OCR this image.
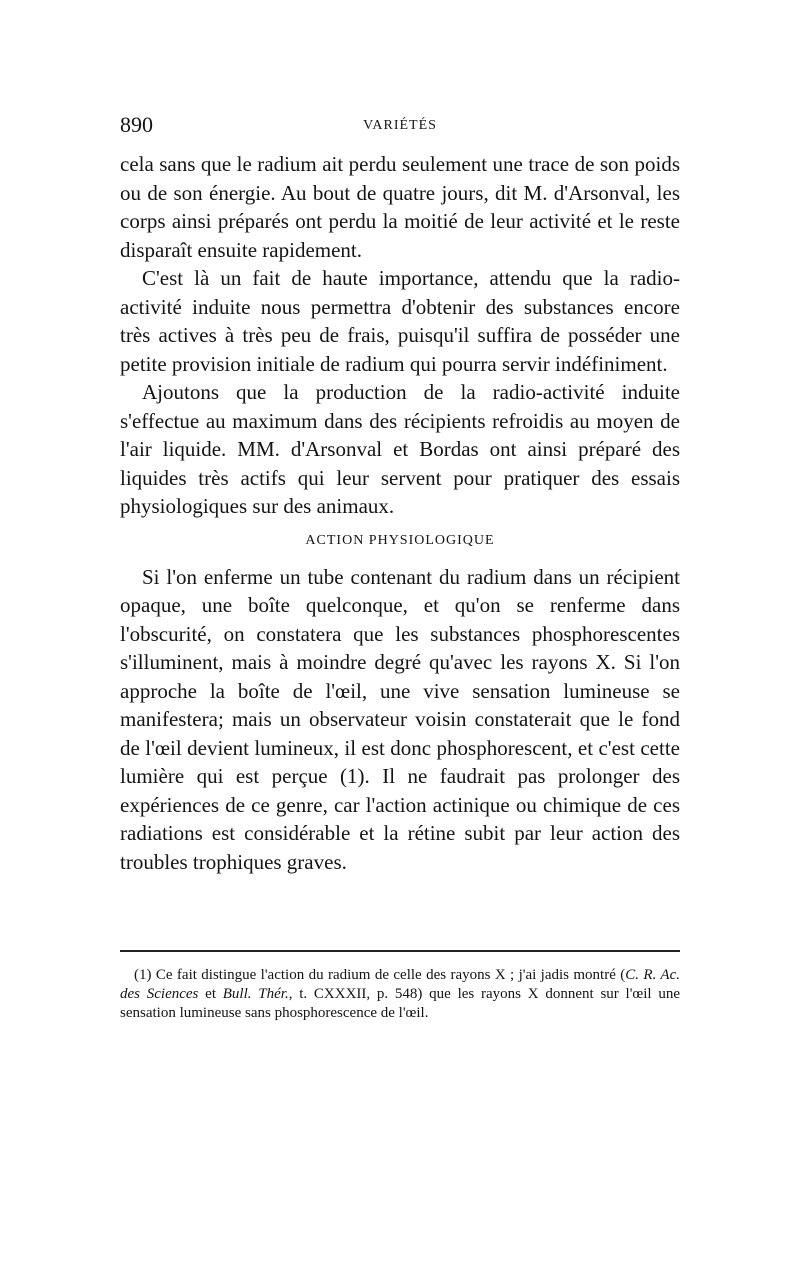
890	VARIÉTÉS

cela sans que le radium ait perdu seulement une trace de son poids ou de son énergie. Au bout de quatre jours, dit M. d'Arsonval, les corps ainsi préparés ont perdu la moitié de leur activité et le reste disparaît ensuite rapidement.

C'est là un fait de haute importance, attendu que la radio-activité induite nous permettra d'obtenir des substances encore très actives à très peu de frais, puisqu'il suffira de posséder une petite provision initiale de radium qui pourra servir indéfiniment.

Ajoutons que la production de la radio-activité induite s'effectue au maximum dans des récipients refroidis au moyen de l'air liquide. MM. d'Arsonval et Bordas ont ainsi préparé des liquides très actifs qui leur servent pour pratiquer des essais physiologiques sur des animaux.

ACTION PHYSIOLOGIQUE

Si l'on enferme un tube contenant du radium dans un récipient opaque, une boîte quelconque, et qu'on se renferme dans l'obscurité, on constatera que les substances phosphorescentes s'illuminent, mais à moindre degré qu'avec les rayons X. Si l'on approche la boîte de l'œil, une vive sensation lumineuse se manifestera; mais un observateur voisin constaterait que le fond de l'œil devient lumineux, il est donc phosphorescent, et c'est cette lumière qui est perçue (1). Il ne faudrait pas prolonger des expériences de ce genre, car l'action actinique ou chimique de ces radiations est considérable et la rétine subit par leur action des troubles trophiques graves.

(1) Ce fait distingue l'action du radium de celle des rayons X ; j'ai jadis montré (C. R. Ac. des Sciences et Bull. Thér., t. CXXXII, p. 548) que les rayons X donnent sur l'œil une sensation lumineuse sans phosphorescence de l'œil.
